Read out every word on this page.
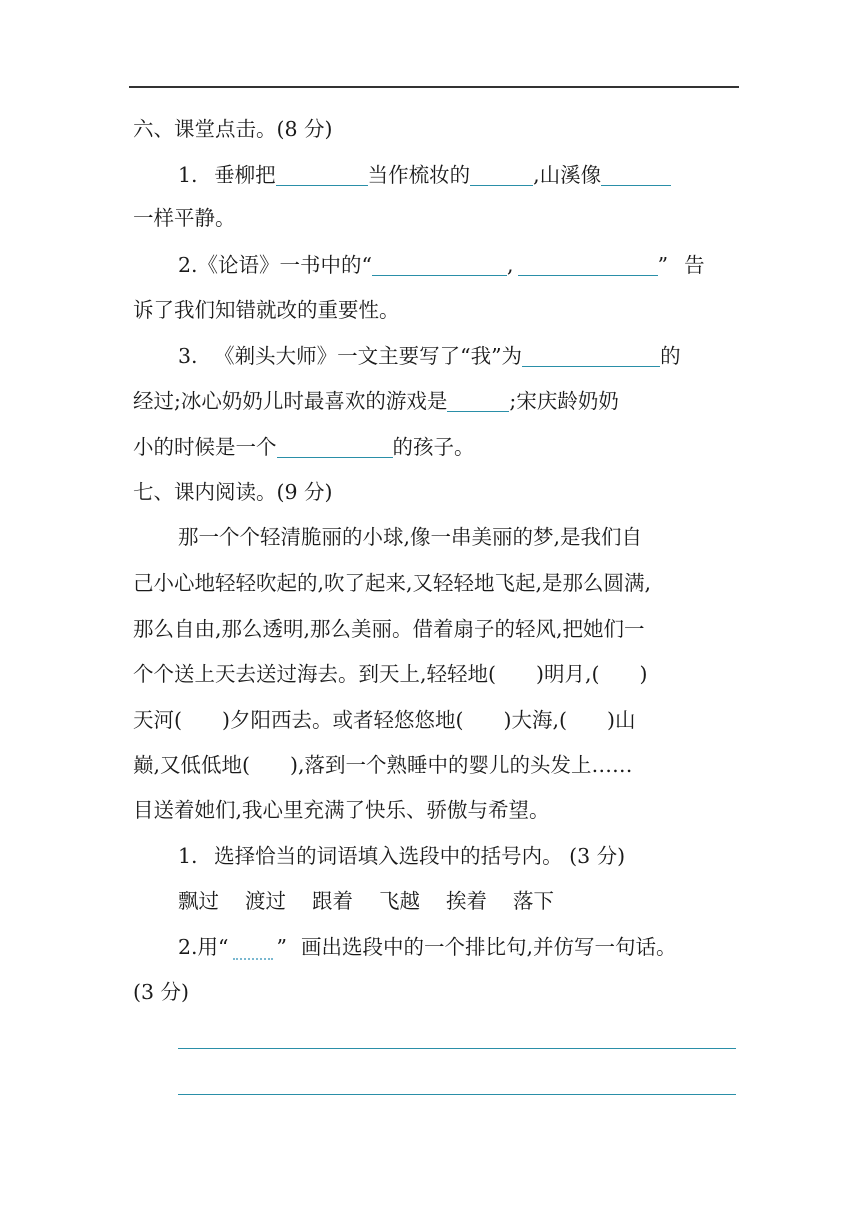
六、课堂点击。(8 分)
1. 垂柳把	当作梳妆的	,山溪像
一样平静。
2.《论语》一书中的“	,	” 告
诉了我们知错就改的重要性。
3. 《剃头大师》一文主要写了“我”为	的
经过;冰心奶奶儿时最喜欢的游戏是	;宋庆龄奶奶
小的时候是一个	的孩子。
七、课内阅读。(9 分)
那一个个轻清脆丽的小球,像一串美丽的梦,是我们自
己小心地轻轻吹起的,吹了起来,又轻轻地飞起,是那么圆满,
那么自由,那么透明,那么美丽。借着扇子的轻风,把她们一
个个送上天去送过海去。到天上,轻轻地( )明月,( )
天河( )夕阳西去。或者轻悠悠地( )大海,( )山
巅,又低低地( ),落到一个熟睡中的婴儿的头发上……
目送着她们,我心里充满了快乐、骄傲与希望。
1. 选择恰当的词语填入选段中的括号内。 (3 分)
飘过 渡过 跟着 飞越 挨着 落下
2.用“ ” 画出选段中的一个排比句,并仿写一句话。
(3 分)
